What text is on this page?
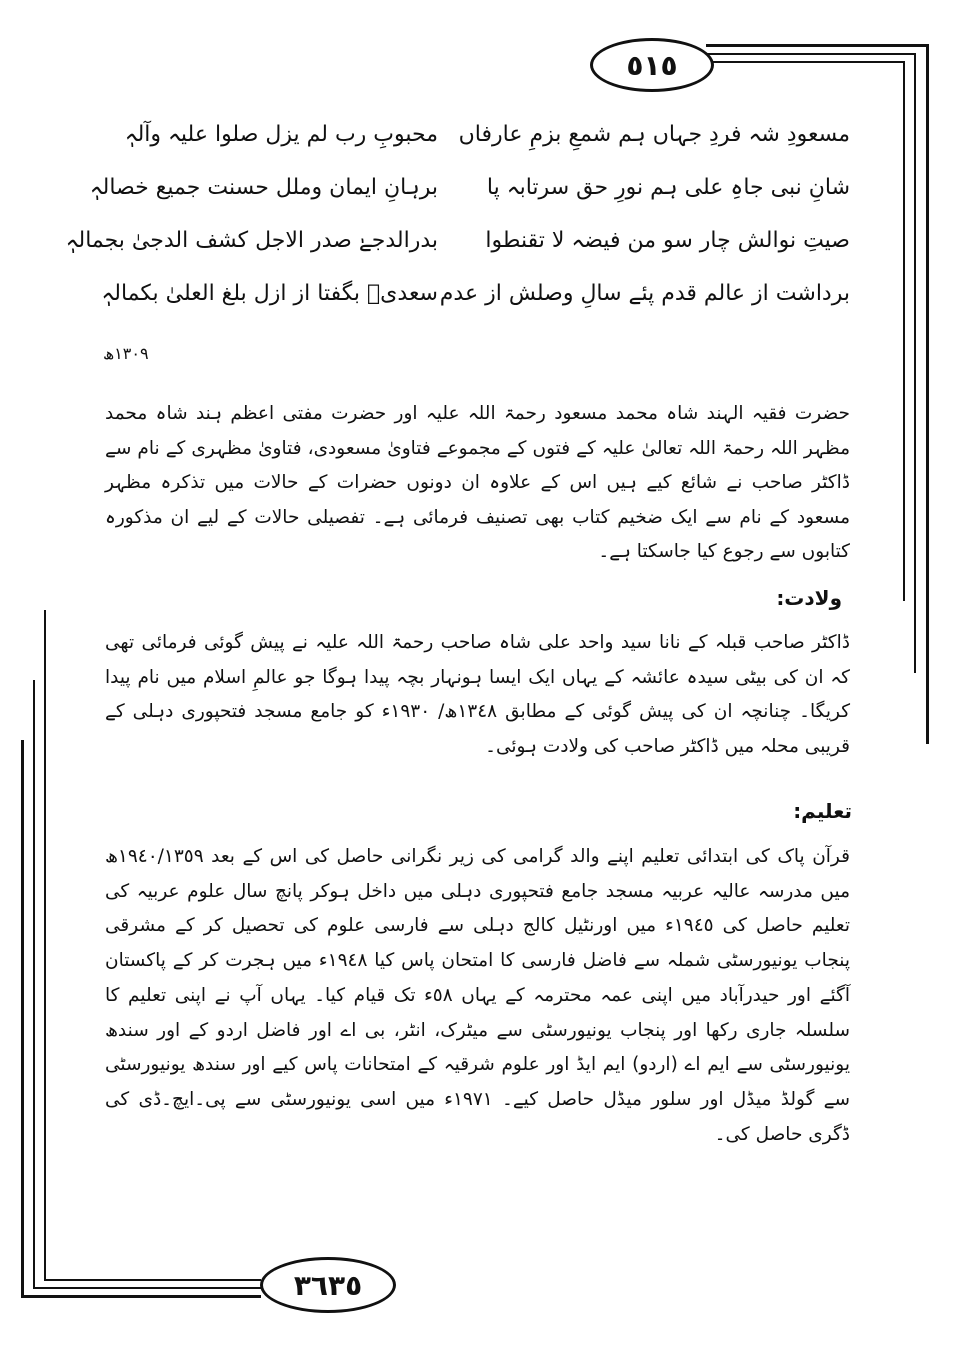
٥١٥
٣٦٣٥
مسعودِ شہ فردِ جہاں ہم شمعِ بزمِ عارفاں
محبوبِ رب لم یزل صلوا علیہ وآلہٖ
شانِ نبی جاہِ علی ہم نورِ حق سرتابہ پا
برہانِ ایمان وملل حسنت جمیع خصالہٖ
صیتِ نوالش چار سو من فیضہ لا تقنطوا
بدرالدجےٰ صدر الاجل کشف الدجیٰ بجمالہٖ
برداشت از عالم قدم پئے سالِ وصلش از عدم
سعدیؔ بگفتا از ازل بلغ العلیٰ بکمالہٖ
١٣٠٩ھ

حضرت فقیہ الہند شاہ محمد مسعود رحمۃ اللہ علیہ اور حضرت مفتی اعظم ہند شاہ محمد مظہر اللہ رحمۃ اللہ تعالیٰ علیہ کے فتوں کے مجموعے فتاویٰ مسعودی، فتاویٰ مظہری کے نام سے ڈاکٹر صاحب نے شائع کیے ہیں اس کے علاوہ ان دونوں حضرات کے حالات میں تذکرہ مظہر مسعود کے نام سے ایک ضخیم کتاب بھی تصنیف فرمائی ہے۔ تفصیلی حالات کے لیے ان مذکورہ کتابوں سے رجوع کیا جاسکتا ہے۔

ولادت:

ڈاکٹر صاحب قبلہ کے نانا سید واحد علی شاہ صاحب رحمۃ اللہ علیہ نے پیش گوئی فرمائی تھی کہ ان کی بیٹی سیدہ عائشہ کے یہاں ایک ایسا ہونہار بچہ پیدا ہوگا جو عالمِ اسلام میں نام پیدا کریگا۔ چنانچہ ان کی پیش گوئی کے مطابق ١٣٤٨ھ/ ١٩٣٠ء کو جامع مسجد فتحپوری دہلی کے قریبی محلہ میں ڈاکٹر صاحب کی ولادت ہوئی۔

تعلیم:

قرآن پاک کی ابتدائی تعلیم اپنے والد گرامی کی زیر نگرانی حاصل کی اس کے بعد ١٩٤٠/١٣٥٩ھ میں مدرسہ عالیہ عربیہ مسجد جامع فتحپوری دہلی میں داخل ہوکر پانچ سال علوم عربیہ کی تعلیم حاصل کی ١٩٤٥ء میں اورنٹیل کالج دہلی سے فارسی علوم کی تحصیل کر کے مشرقی پنجاب یونیورسٹی شملہ سے فاضل فارسی کا امتحان پاس کیا ١٩٤٨ء میں ہجرت کر کے پاکستان آگئے اور حیدرآباد میں اپنی عمہ محترمہ کے یہاں ٥٨ء تک قیام کیا۔ یہاں آپ نے اپنی تعلیم کا سلسلہ جاری رکھا اور پنجاب یونیورسٹی سے میٹرک، انٹر، بی اے اور فاضل اردو کے اور سندھ یونیورسٹی سے ایم اے (اردو) ایم ایڈ اور علوم شرقیہ کے امتحانات پاس کیے اور سندھ یونیورسٹی سے گولڈ میڈل اور سلور میڈل حاصل کیے۔ ١٩٧١ء میں اسی یونیورسٹی سے پی۔ایچ۔ڈی کی ڈگری حاصل کی۔
